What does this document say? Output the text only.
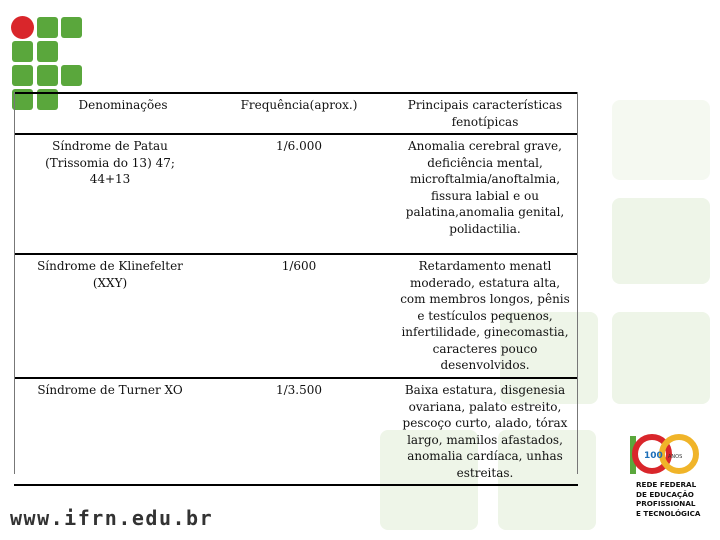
Denominações	Frequência(aprox.)	Principais características fenotípicas
Síndrome de Patau (Trissomia do 13) 47; 44+13	1/6.000	Anomalia cerebral grave, deficiência mental, microftalmia/anoftalmia, fissura labial e ou palatina,anomalia genital, polidactilia.
Síndrome de Klinefelter (XXY)	1/600	Retardamento menatl moderado, estatura alta, com membros longos, pênis e testículos pequenos, infertilidade, ginecomastia, caracteres pouco desenvolvidos.
Síndrome de Turner XO	1/3.500	Baixa estatura, disgenesia ovariana, palato estreito, pescoço curto, alado, tórax largo, mamilos afastados, anomalia cardíaca, unhas estreitas.
www.ifrn.edu.br
100 ANOS
REDE FEDERAL
DE EDUCAÇÃO
PROFISSIONAL
E TECNOLÓGICA
